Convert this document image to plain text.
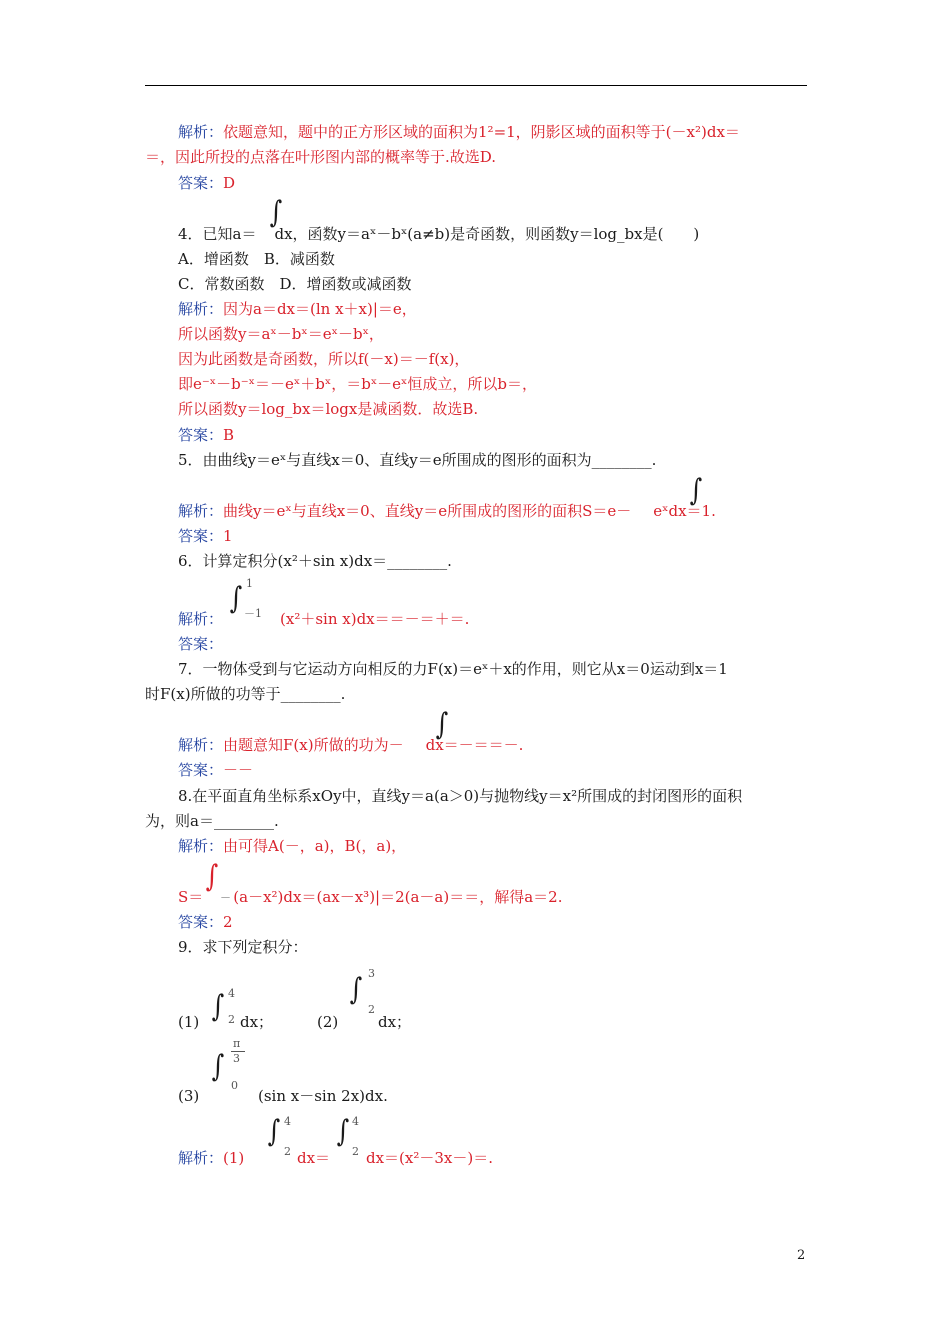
解析：依题意知，题中的正方形区域的面积为1²=1，阴影区域的面积等于(－x²)dx＝
＝，因此所投的点落在叶形图内部的概率等于.故选D.
答案：D
∫
4．已知a＝ dx，函数y＝aˣ－bˣ(a≠b)是奇函数，则函数y＝log_bx是(　　)
A．增函数　B．减函数
C．常数函数　D．增函数或减函数
解析：因为a＝dx＝(ln x＋x)|＝e，
所以函数y＝aˣ－bˣ＝eˣ－bˣ，
因为此函数是奇函数，所以f(－x)＝－f(x)，
即e⁻ˣ－b⁻ˣ＝－eˣ＋bˣ，＝bˣ－eˣ恒成立，所以b＝，
所以函数y＝log_bx＝logx是减函数．故选B.
答案：B
5．由曲线y＝eˣ与直线x＝0、直线y＝e所围成的图形的面积为________.
∫
解析：曲线y＝eˣ与直线x＝0、直线y＝e所围成的图形的面积S＝e－ eˣdx＝1.
答案：1
6．计算定积分(x²＋sin x)dx＝________.
∫ 1
－1
解析：	(x²＋sin x)dx＝＝－＝＋＝.
答案：
7．一物体受到与它运动方向相反的力F(x)＝eˣ＋x的作用，则它从x＝0运动到x＝1
时F(x)所做的功等于________.
∫
解析：由题意知F(x)所做的功为－ dx＝－＝＝－.
答案：－－
8.在平面直角坐标系xOy中，直线y＝a(a＞0)与抛物线y＝x²所围成的封闭图形的面积
为，则a＝________.
解析：由可得A(－，a)，B(，a)，
∫
－
S＝ (a－x²)dx＝(ax－x³)|＝2(a－a)＝＝，解得a＝2.
答案：2
9．求下列定积分：
(1) ∫ 4
2 dx；	(2)
∫ 3
2
dx；
∫
π
3
0
(3)	(sin x－sin 2x)dx.
∫ 4
2
∫ 4
2
解析：(1)	dx＝ dx＝(x²－3x－)＝.
2
